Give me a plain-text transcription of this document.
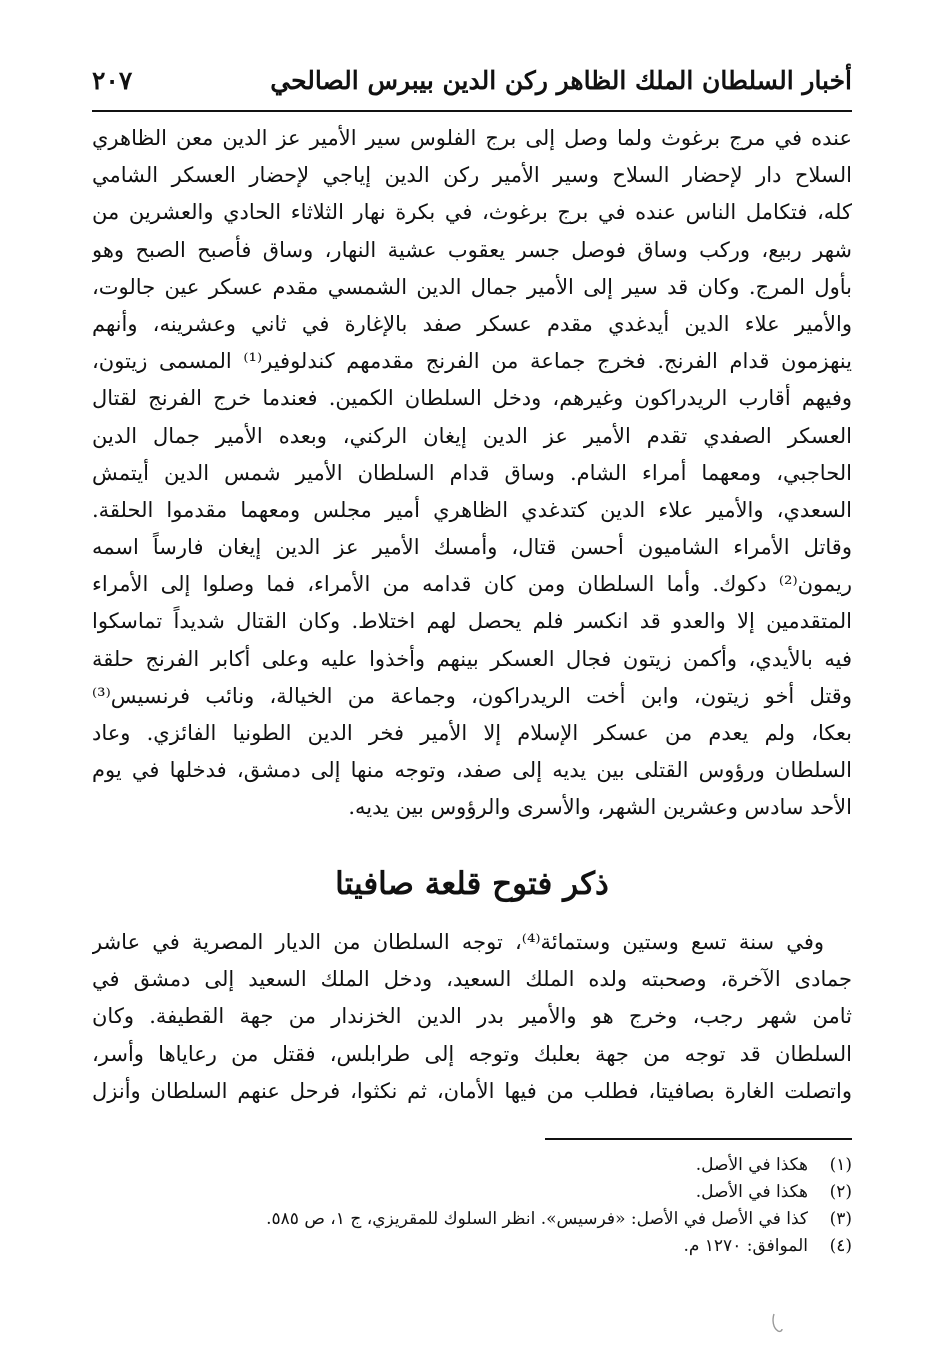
أخبار السلطان الملك الظاهر ركن الدين بيبرس الصالحي
٢٠٧
عنده في مرج برغوث ولما وصل إلى برج الفلوس سير الأمير عز الدين معن الظاهري
السلاح دار لإحضار السلاح وسير الأمير ركن الدين إياجي لإحضار العسكر الشامي
كله، فتكامل الناس عنده في برج برغوث، في بكرة نهار الثلاثاء الحادي والعشرين من
شهر ربيع، وركب وساق فوصل جسر يعقوب عشية النهار، وساق فأصبح الصبح وهو
بأول المرج. وكان قد سير إلى الأمير جمال الدين الشمسي مقدم عسكر عين جالوت،
والأمير علاء الدين أيدغدي مقدم عسكر صفد بالإغارة في ثاني وعشرينه، وأنهم
ينهزمون قدام الفرنج. فخرج جماعة من الفرنج مقدمهم كندلوفير⁽¹⁾ المسمى زيتون،
وفيهم أقارب الريدراكون وغيرهم، ودخل السلطان الكمين. فعندما خرج الفرنج لقتال
العسكر الصفدي تقدم الأمير عز الدين إيغان الركني، وبعده الأمير جمال الدين
الحاجبي، ومعهما أمراء الشام. وساق قدام السلطان الأمير شمس الدين أيتمش
السعدي، والأمير علاء الدين كتدغدي الظاهري أمير مجلس ومعهما مقدموا الحلقة.
وقاتل الأمراء الشاميون أحسن قتال، وأمسك الأمير عز الدين إيغان فارساً اسمه
ريمون⁽²⁾ دكوك. وأما السلطان ومن كان قدامه من الأمراء، فما وصلوا إلى الأمراء
المتقدمين إلا والعدو قد انكسر فلم يحصل لهم اختلاط. وكان القتال شديداً تماسكوا
فيه بالأيدي، وأكمن زيتون فجال العسكر بينهم وأخذوا عليه وعلى أكابر الفرنج حلقة
وقتل أخو زيتون، وابن أخت الريدراكون، وجماعة من الخيالة، ونائب فرنسيس⁽³⁾
بعكا، ولم يعدم من عسكر الإسلام إلا الأمير فخر الدين الطونيا الفائزي. وعاد
السلطان ورؤوس القتلى بين يديه إلى صفد، وتوجه منها إلى دمشق، فدخلها في يوم
الأحد سادس وعشرين الشهر، والأسرى والرؤوس بين يديه.
ذكر فتوح قلعة صافيتا
وفي سنة تسع وستين وستمائة⁽⁴⁾، توجه السلطان من الديار المصرية في عاشر
جمادى الآخرة، وصحبته ولده الملك السعيد، ودخل الملك السعيد إلى دمشق في
ثامن شهر رجب، وخرج هو والأمير بدر الدين الخزندار من جهة القطيفة. وكان
السلطان قد توجه من جهة بعلبك وتوجه إلى طرابلس، فقتل من رعاياها وأسر،
واتصلت الغارة بصافيتا، فطلب من فيها الأمان، ثم نكثوا، فرحل عنهم السلطان وأنزل
(١)هكذا في الأصل.
(٢)هكذا في الأصل.
(٣)كذا في الأصل في الأصل: «فرسيس». انظر السلوك للمقريزي، ج ١، ص ٥٨٥.
(٤)الموافق: ١٢٧٠ م.
